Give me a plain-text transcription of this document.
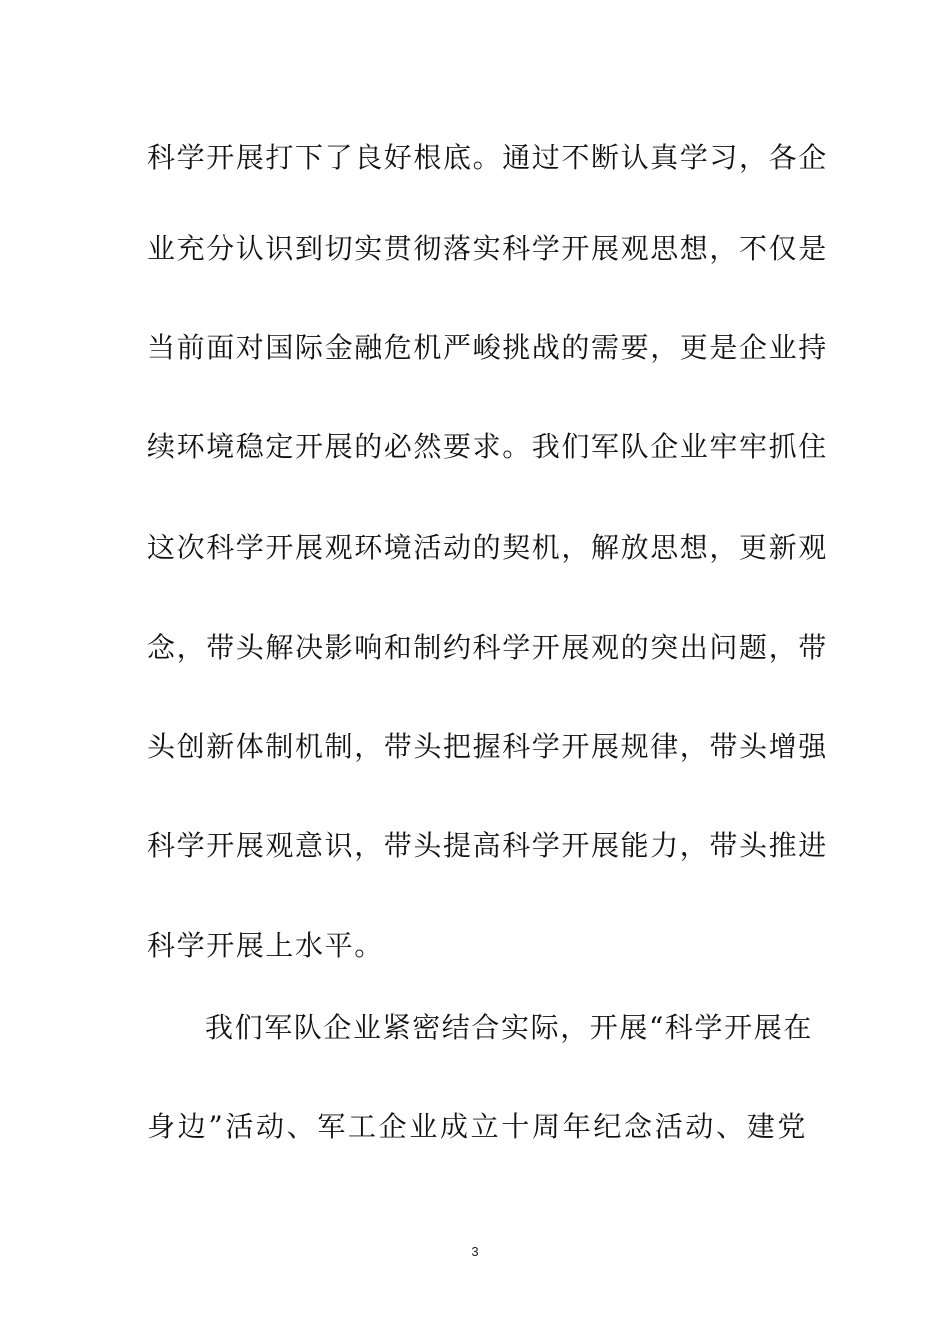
科学开展打下了良好根底。通过不断认真学习，各企
业充分认识到切实贯彻落实科学开展观思想，不仅是
当前面对国际金融危机严峻挑战的需要，更是企业持
续环境稳定开展的必然要求。我们军队企业牢牢抓住
这次科学开展观环境活动的契机，解放思想，更新观
念，带头解决影响和制约科学开展观的突出问题，带
头创新体制机制，带头把握科学开展规律，带头增强
科学开展观意识，带头提高科学开展能力，带头推进
科学开展上水平。
我们军队企业紧密结合实际，开展“科学开展在
身边”活动、军工企业成立十周年纪念活动、建党
3
